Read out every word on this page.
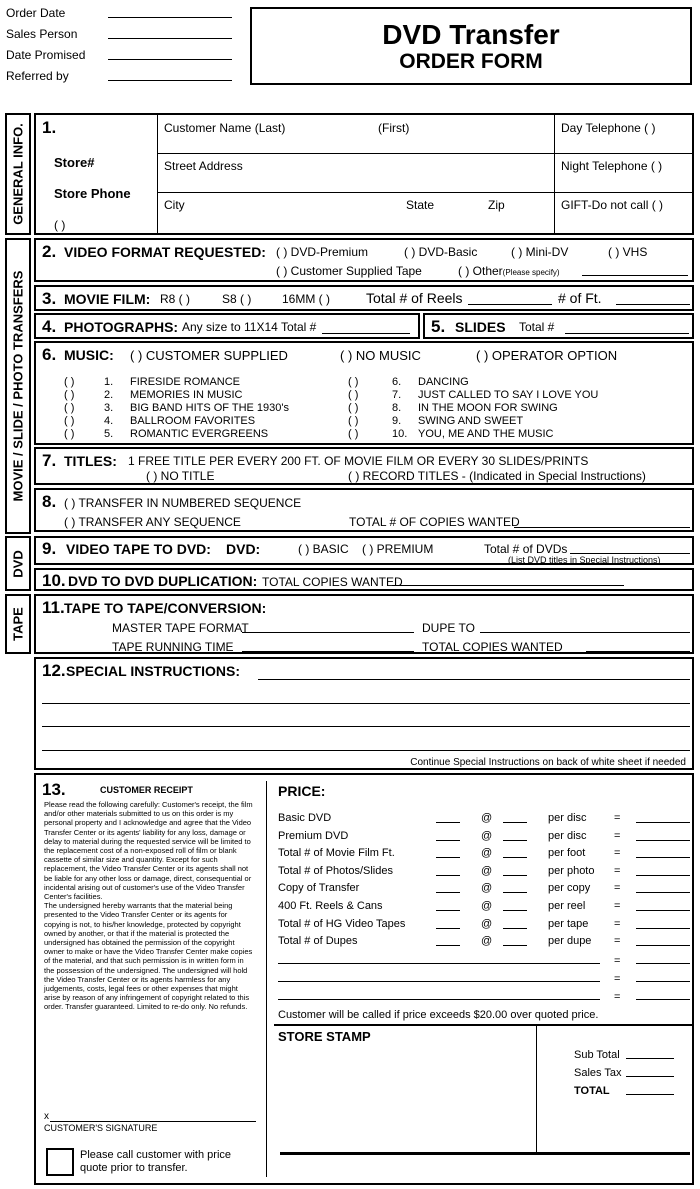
Order Date
Sales Person
Date Promised
Referred by
DVD Transfer
ORDER FORM
GENERAL INFO.
MOVIE / SLIDE / PHOTO TRANSFERS
DVD
TAPE
1.
Store#
Store Phone
( )
Customer Name (Last)	(First)
Street Address
City	State	Zip
Day Telephone ( )
Night Telephone ( )
GIFT-Do not call ( )
2. VIDEO FORMAT REQUESTED: ( ) DVD-Premium	( ) DVD-Basic	( ) Mini-DV	( ) VHS
( ) Customer Supplied Tape	( ) Other(Please specify)
3. MOVIE FILM: R8 ( )	S8 ( )	16MM ( )	Total # of Reels	# of Ft.
4. PHOTOGRAPHS: Any size to 11X14 Total #	5. SLIDES Total #
6. MUSIC: ( ) CUSTOMER SUPPLIED	( ) NO MUSIC	( ) OPERATOR OPTION
( )	1. FIRESIDE ROMANCE
( )	2. MEMORIES IN MUSIC
( )	3. BIG BAND HITS OF THE 1930's
( )	4. BALLROOM FAVORITES
( )	5. ROMANTIC EVERGREENS
( )	6. DANCING
( )	7. JUST CALLED TO SAY I LOVE YOU
( )	8. IN THE MOON FOR SWING
( )	9. SWING AND SWEET
( )	10. YOU, ME AND THE MUSIC
7. TITLES: 1 FREE TITLE PER EVERY 200 FT. OF MOVIE FILM OR EVERY 30 SLIDES/PRINTS
( ) NO TITLE	( ) RECORD TITLES - (Indicated in Special Instructions)
8. ( ) TRANSFER IN NUMBERED SEQUENCE
( ) TRANSFER ANY SEQUENCE	TOTAL # OF COPIES WANTED
9. VIDEO TAPE TO DVD: DVD:	( ) BASIC ( ) PREMIUM	Total # of DVDs
(List DVD titles in Special Instructions)
10. DVD TO DVD DUPLICATION: TOTAL COPIES WANTED
11. TAPE TO TAPE/CONVERSION:
MASTER TAPE FORMAT	DUPE TO
TAPE RUNNING TIME	TOTAL COPIES WANTED
12. SPECIAL INSTRUCTIONS:
Continue Special Instructions on back of white sheet if needed
13.	CUSTOMER RECEIPT
x
CUSTOMER'S SIGNATURE
Please call customer with price quote prior to transfer.

Please read the following carefully: Customer's receipt, the film and/or other materials submitted to us on this order is my personal property and I acknowledge and agree that the Video Transfer Center or its agents' liability for any loss, damage or delay to material during the requested service will be limited to the replacement cost of a non-exposed roll of film or blank cassette of similar size and quantity. Except for such replacement, the Video Transfer Center or its agents shall not be liable for any other loss or damage, direct, consequential or incidental arising out of customer's use of the Video Transfer Center's facilities.

The undersigned hereby warrants that the material being presented to the Video Transfer Center or its agents for copying is not, to his/her knowledge, protected by copyright owned by another, or that if the material is protected the undersigned has obtained the permission of the copyright owner to make or have the Video Transfer Center make copies of the material, and that such permission is in written form in the possession of the undersigned. The undersigned will hold the Video Transfer Center or its agents harmless for any judgements, costs, legal fees or other expenses that might arise by reason of any infringement of copyright related to this order. Transfer guaranteed. Limited to re-do only. No refunds.

PRICE:
Basic DVD	@	per disc =
Premium DVD	@	per disc =
Total # of Movie Film Ft.	@	per foot	=
Total # of Photos/Slides	@	per photo =
Copy of Transfer	@	per copy =
400 Ft. Reels & Cans	@	per reel	=
Total # of HG Video Tapes	@	per tape =
Total # of Dupes	@	per dupe =
=
=
=
Customer will be called if price exceeds $20.00 over quoted price.
STORE STAMP
Sub Total
Sales Tax
TOTAL
